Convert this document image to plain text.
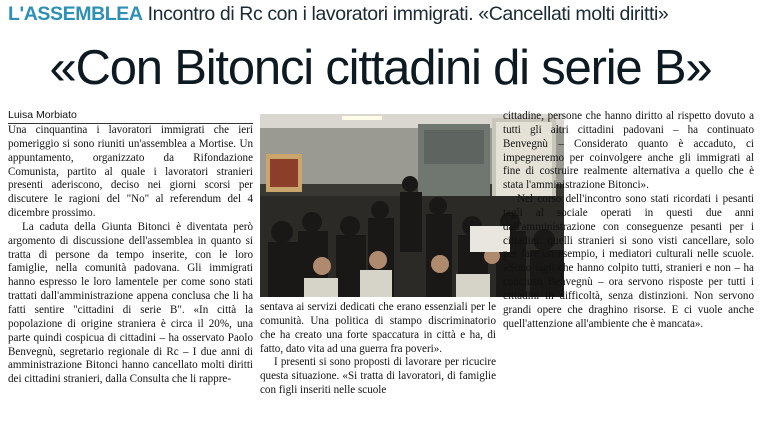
L'ASSEMBLEA Incontro di Rc con i lavoratori immigrati. «Cancellati molti diritti»
«Con Bitonci cittadini di serie B»
Luisa Morbiato

Una cinquantina i lavoratori immigrati che ieri pomeriggio si sono riuniti un'assemblea a Mortise. Un appuntamento, organizzato da Rifondazione Comunista, partito al quale i lavoratori stranieri presenti aderiscono, deciso nei giorni scorsi per discutere le ragioni del "No" al referendum del 4 dicembre prossimo.

La caduta della Giunta Bitonci è diventata però argomento di discussione dell'assemblea in quanto si tratta di persone da tempo inserite, con le loro famiglie, nella comunità padovana. Gli immigrati hanno espresso le loro lamentele per come sono stati trattati dall'amministrazione appena conclusa che li ha fatti sentire "cittadini di serie B". «In città la popolazione di origine straniera è circa il 20%, una parte quindi cospicua di cittadini – ha osservato Paolo Benvegnù, segretario regionale di Rc – I due anni di amministrazione Bitonci hanno cancellato molti diritti dei cittadini stranieri, dalla Consulta che li rappre-

sentava ai servizi dedicati che erano essenziali per le comunità. Una politica di stampo discriminatorio che ha creato una forte spaccatura in città e ha, di fatto, dato vita ad una guerra fra poveri».

I presenti si sono proposti di lavorare per ricucire questa situazione. «Si tratta di lavoratori, di famiglie con figli inseriti nelle scuole

cittadine, persone che hanno diritto al rispetto dovuto a tutti gli altri cittadini padovani – ha continuato Benvegnù – Considerato quanto è accaduto, ci impegneremo per coinvolgere anche gli immigrati al fine di costruire realmente alternativa a quello che è stata l'amministrazione Bitonci».

Nel corso dell'incontro sono stati ricordati i pesanti tagli al sociale operati in questi due anni dall'amministrazione con conseguenze pesanti per i cittadini: quelli stranieri si sono visti cancellare, solo per fare un esempio, i mediatori culturali nelle scuole. «Sono tagli che hanno colpito tutti, stranieri e non – ha concluso Benvegnù – ora servono risposte per tutti i cittadini in difficoltà, senza distinzioni. Non servono grandi opere che draghino risorse. E ci vuole anche quell'attenzione all'ambiente che è mancata».
